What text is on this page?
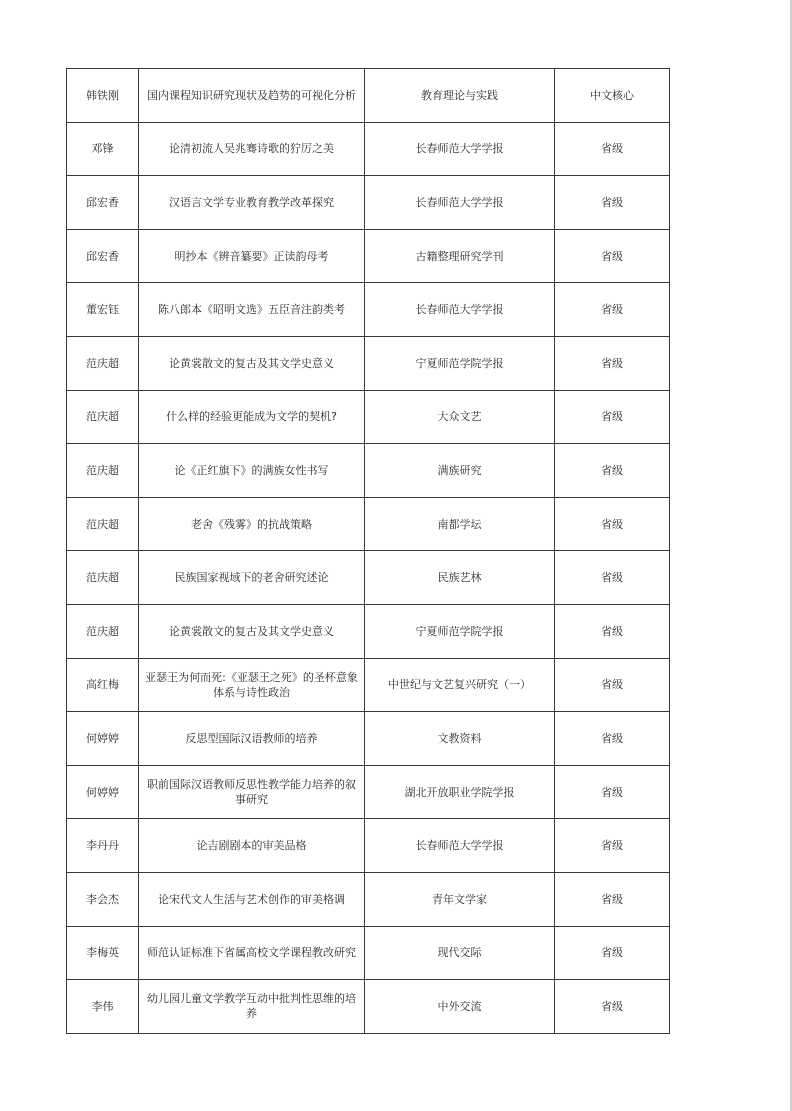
韩铁刚	国内课程知识研究现状及趋势的可视化分析	教育理论与实践	中文核心
邓锋	论清初流人吴兆骞诗歌的狞厉之美	长春师范大学学报	省级
邱宏香	汉语言文学专业教育教学改革探究	长春师范大学学报	省级
邱宏香	明抄本《辨音纂要》正读韵母考	古籍整理研究学刊	省级
董宏钰	陈八郎本《昭明文选》五臣音注韵类考	长春师范大学学报	省级
范庆超	论黄裳散文的复古及其文学史意义	宁夏师范学院学报	省级
范庆超	什么样的经验更能成为文学的契机?	大众文艺	省级
范庆超	论《正红旗下》的满族女性书写	满族研究	省级
范庆超	老舍《残雾》的抗战策略	南都学坛	省级
范庆超	民族国家视域下的老舍研究述论	民族艺林	省级
范庆超	论黄裳散文的复古及其文学史意义	宁夏师范学院学报	省级
高红梅	亚瑟王为何而死:《亚瑟王之死》的圣杯意象体系与诗性政治	中世纪与文艺复兴研究（一）	省级
何婷婷	反思型国际汉语教师的培养	文教资料	省级
何婷婷	职前国际汉语教师反思性教学能力培养的叙事研究	湖北开放职业学院学报	省级
李丹丹	论吉剧剧本的审美品格	长春师范大学学报	省级
李会杰	论宋代文人生活与艺术创作的审美格调	青年文学家	省级
李梅英	师范认证标准下省属高校文学课程教改研究	现代交际	省级
李伟	幼儿园儿童文学教学互动中批判性思维的培养	中外交流	省级
